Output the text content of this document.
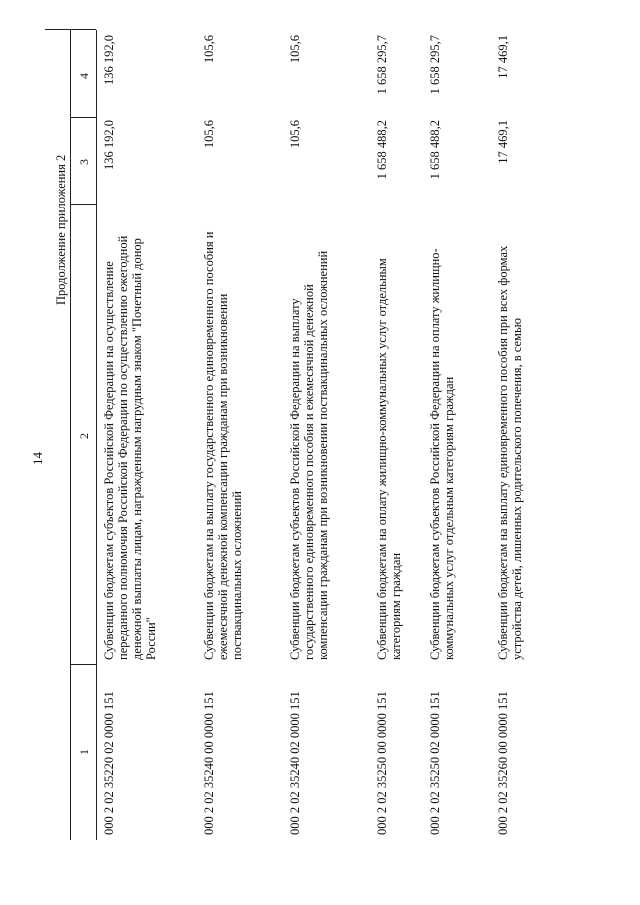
14
Продолжение приложения 2
1
2
3
4
000 2 02 35220 02 0000 151
Субвенции бюджетам субъектов Российской Федерации на осуществление переданного полномочия Российской Федерации по осуществлению ежегодной денежной выплаты лицам, награжденным нагрудным знаком "Почетный донор России"
136 192,0
136 192,0
000 2 02 35240 00 0000 151
Субвенции бюджетам на выплату государственного единовременного пособия и ежемесячной денежной компенсации гражданам при возникновении поствакцинальных осложнений
105,6
105,6
000 2 02 35240 02 0000 151
Субвенции бюджетам субъектов Российской Федерации на выплату государственного единовременного пособия и ежемесячной денежной компенсации гражданам при возникновении поствакцинальных осложнений
105,6
105,6
000 2 02 35250 00 0000 151
Субвенции бюджетам на оплату жилищно-коммунальных услуг отдельным категориям граждан
1 658 488,2
1 658 295,7
000 2 02 35250 02 0000 151
Субвенции бюджетам субъектов Российской Федерации на оплату жилищно-коммунальных услуг отдельным категориям граждан
1 658 488,2
1 658 295,7
000 2 02 35260 00 0000 151
Субвенции бюджетам на выплату единовременного пособия при всех формах устройства детей, лишенных родительского попечения, в семью
17 469,1
17 469,1
